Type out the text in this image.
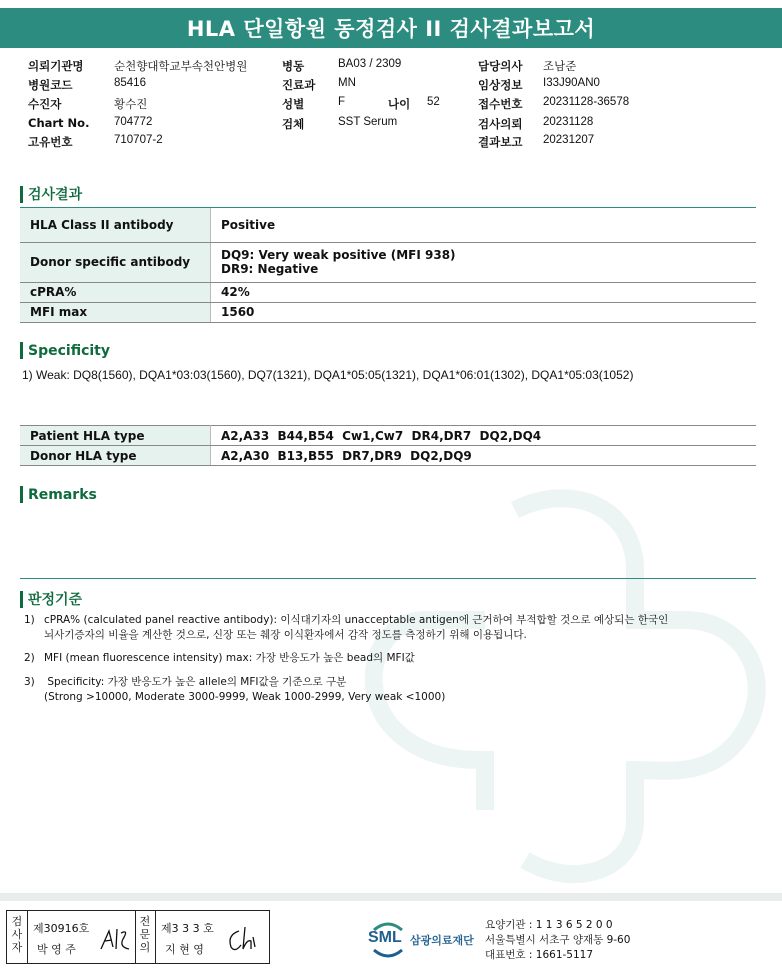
HLA 단일항원 동정검사 II 검사결과보고서
의뢰기관명	순천향대학교부속천안병원
병원코드	85416
수진자	황수진
Chart No. 704772
고유번호	710707-2
병동	BA03 / 2309
진료과 MN
성별	F	나이 52
검체	SST Serum
담당의사 조남준
임상정보 I33J90AN0
접수번호 20231128-36578
검사의뢰 20231128
결과보고 20231207
검사결과
HLA Class II antibody	Positive
Donor specific antibody	DQ9: Very weak positive (MFI 938)
DR9: Negative

cPRA%	42%
MFI max	1560
Specificity
1) Weak: DQ8(1560), DQA1*03:03(1560), DQ7(1321), DQA1*05:05(1321), DQA1*06:01(1302), DQA1*05:03(1052)
Patient HLA type	A2,A33  B44,B54  Cw1,Cw7  DR4,DR7  DQ2,DQ4
Donor HLA type	A2,A30  B13,B55  DR7,DR9  DQ2,DQ9
Remarks
판정기준
1) cPRA% (calculated panel reactive antibody): 이식대기자의 unacceptable antigen에 근거하여 부적합할 것으로 예상되는 한국인
뇌사기증자의 비율을 계산한 것으로, 신장 또는 췌장 이식환자에서 감작 정도를 측정하기 위해 이용됩니다.
2) MFI (mean fluorescence intensity) max: 가장 반응도가 높은 bead의 MFI값
3) Specificity: 가장 반응도가 높은 allele의 MFI값을 기준으로 구분
(Strong >10000, Moderate 3000-9999, Weak 1000-2999, Very weak <1000)
검사자
제30916호
박 영 주
전문의
제3 3 3 호
지 현 영
SML 삼광의료재단
요양기관 : 1 1 3 6 5 2 0 0
서울특별시 서초구 양재동 9-60
대표번호 : 1661-5117
